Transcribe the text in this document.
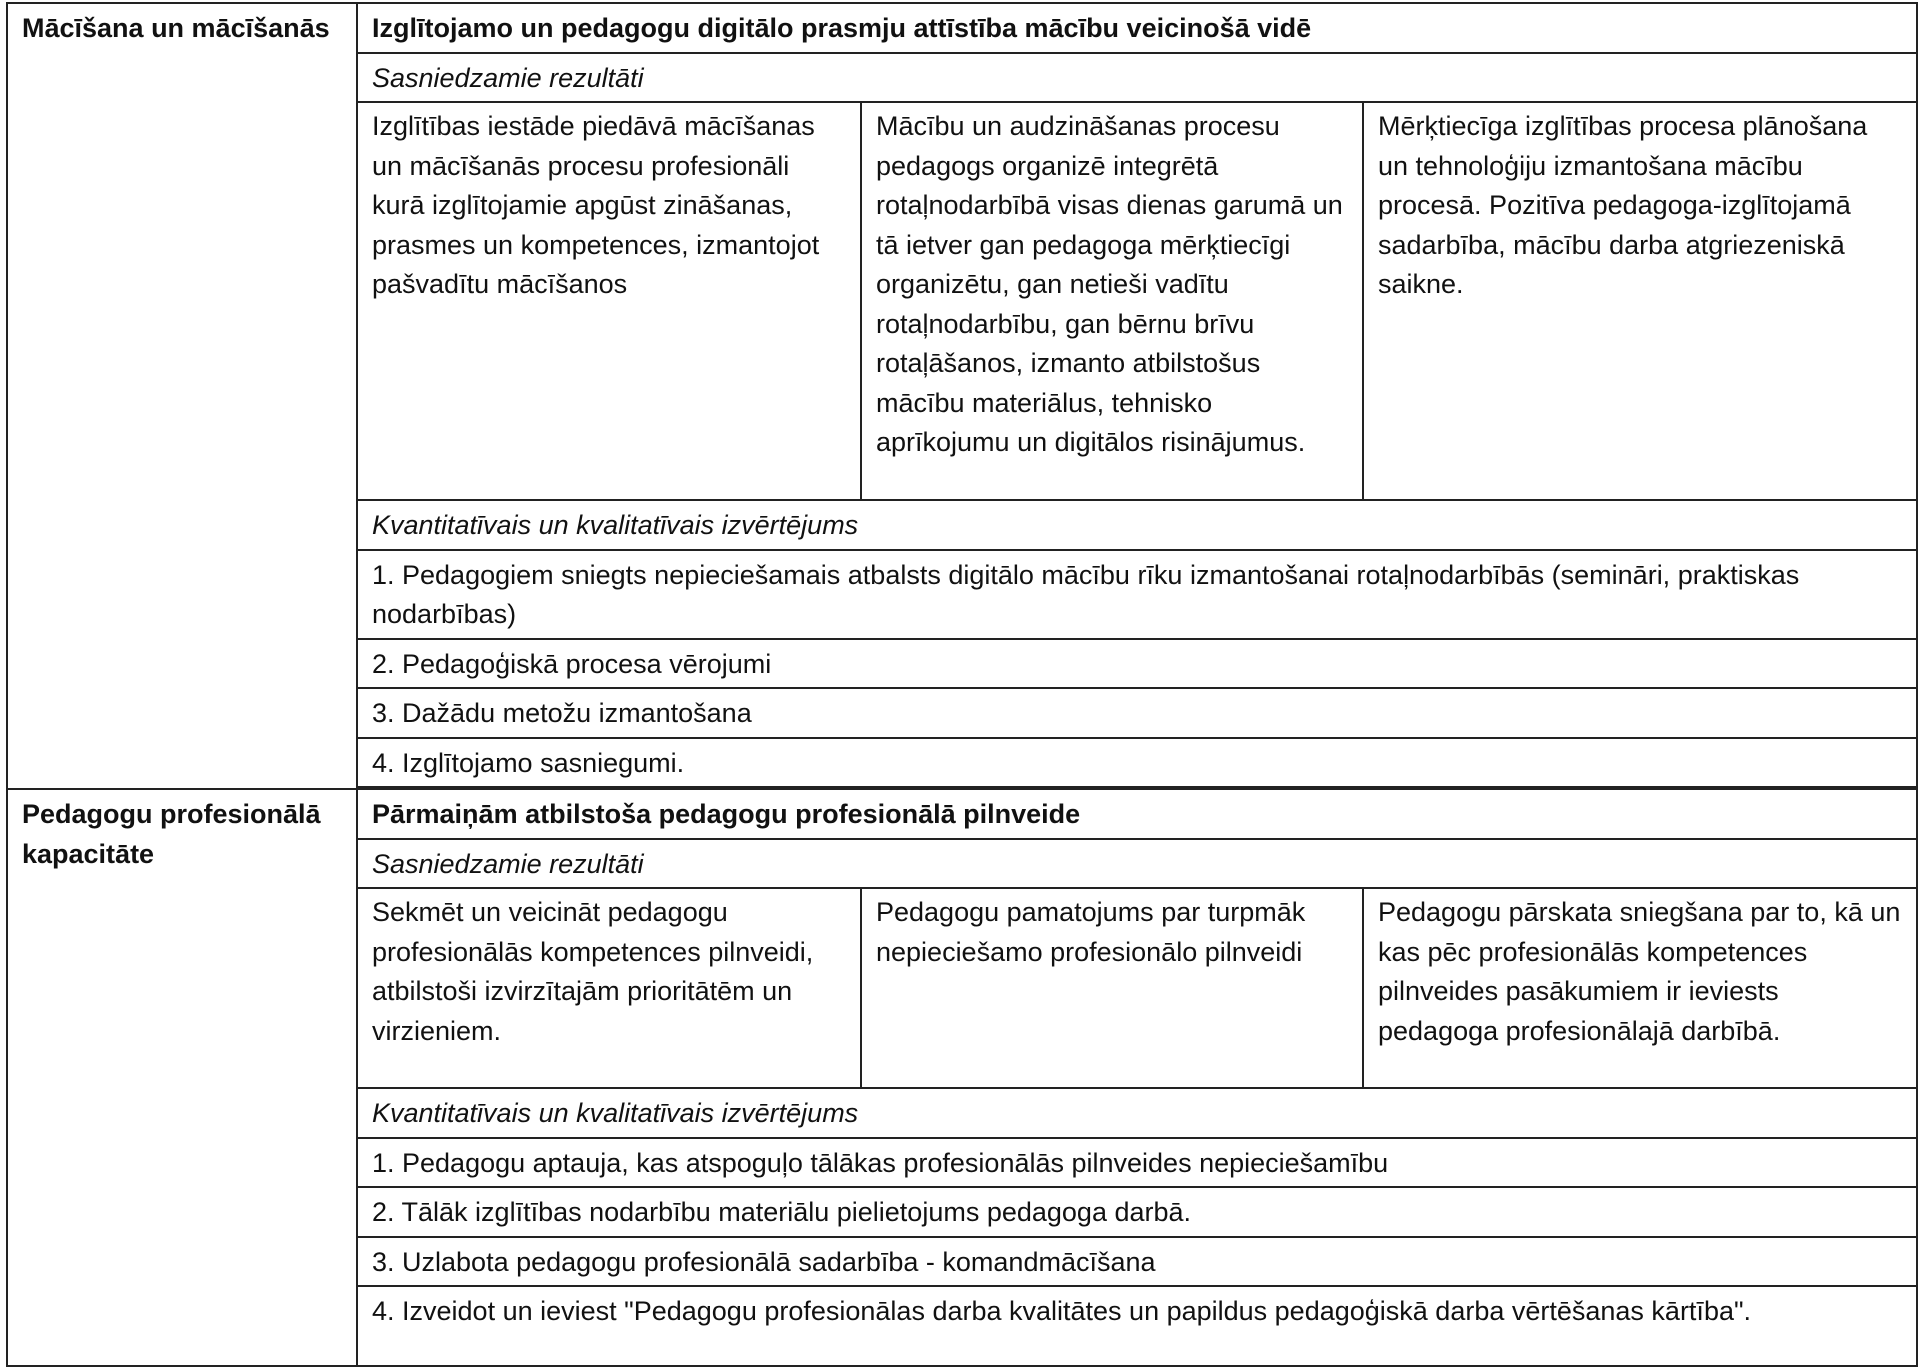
Mācīšana un mācīšanās	Izglītojamo un pedagogu digitālo prasmju attīstība mācību veicinošā vidē		
	Sasniedzamie rezultāti		
	Izglītības iestāde piedāvā mācīšanas un mācīšanās procesu profesionāli kurā izglītojamie apgūst zināšanas, prasmes un kompetences, izmantojot pašvadītu mācīšanos	Mācību un audzināšanas procesu pedagogs organizē integrētā rotaļnodarbībā visas dienas garumā un tā ietver gan pedagoga mērķtiecīgi organizētu, gan netieši vadītu rotaļnodarbību, gan bērnu brīvu rotaļāšanos, izmanto atbilstošus mācību materiālus, tehnisko aprīkojumu un digitālos risinājumus.	Mērķtiecīga izglītības procesa plānošana un tehnoloģiju izmantošana mācību procesā. Pozitīva pedagoga-izglītojamā sadarbība, mācību darba atgriezeniskā saikne.
	Kvantitatīvais un kvalitatīvais izvērtējums		
	1. Pedagogiem sniegts nepieciešamais atbalsts digitālo mācību rīku izmantošanai rotaļnodarbībās (semināri, praktiskas nodarbības)		
	2. Pedagoģiskā procesa vērojumi		
	3. Dažādu metožu izmantošana		
	4. Izglītojamo sasniegumi.		

Pedagogu profesionālā kapacitāte	Pārmaiņām atbilstoša pedagogu profesionālā pilnveide		
	Sasniedzamie rezultāti		
	Sekmēt un veicināt pedagogu profesionālās kompetences pilnveidi, atbilstoši izvirzītajām prioritātēm un virzieniem.	Pedagogu pamatojums par turpmāk nepieciešamo profesionālo pilnveidi	Pedagogu pārskata sniegšana par to, kā un kas pēc profesionālās kompetences pilnveides pasākumiem ir ieviests pedagoga profesionālajā darbībā.
	Kvantitatīvais un kvalitatīvais izvērtējums		
	1. Pedagogu aptauja, kas atspoguļo tālākas profesionālās pilnveides nepieciešamību		
	2. Tālāk izglītības nodarbību materiālu pielietojums pedagoga darbā.		
	3. Uzlabota pedagogu profesionālā sadarbība - komandmācīšana		
	4. Izveidot un ieviest "Pedagogu profesionālas darba kvalitātes un papildus pedagoģiskā darba vērtēšanas kārtība".		
